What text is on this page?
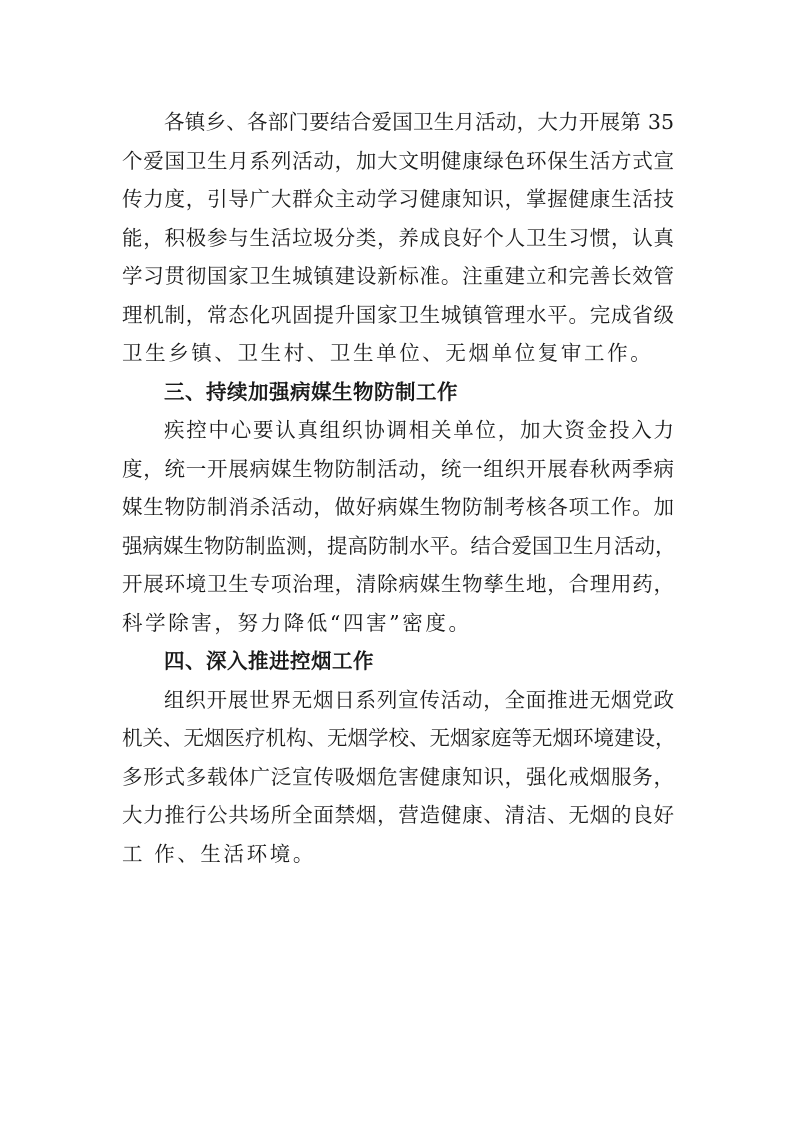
各镇乡、各部门要结合爱国卫生月活动，大力开展第 35
个爱国卫生月系列活动，加大文明健康绿色环保生活方式宣
传力度，引导广大群众主动学习健康知识，掌握健康生活技
能，积极参与生活垃圾分类，养成良好个人卫生习惯，认真
学习贯彻国家卫生城镇建设新标准。注重建立和完善长效管
理机制，常态化巩固提升国家卫生城镇管理水平。完成省级
卫生乡镇、卫生村、卫生单位、无烟单位复审工作。
三、持续加强病媒生物防制工作
疾控中心要认真组织协调相关单位，加大资金投入力
度，统一开展病媒生物防制活动，统一组织开展春秋两季病
媒生物防制消杀活动，做好病媒生物防制考核各项工作。加
强病媒生物防制监测，提高防制水平。结合爱国卫生月活动，
开展环境卫生专项治理，清除病媒生物孳生地，合理用药，
科学除害，努力降低“四害”密度。
四、深入推进控烟工作
组织开展世界无烟日系列宣传活动，全面推进无烟党政
机关、无烟医疗机构、无烟学校、无烟家庭等无烟环境建设，
多形式多载体广泛宣传吸烟危害健康知识，强化戒烟服务，
大力推行公共场所全面禁烟，营造健康、清洁、无烟的良好
工 作、生活环境。
